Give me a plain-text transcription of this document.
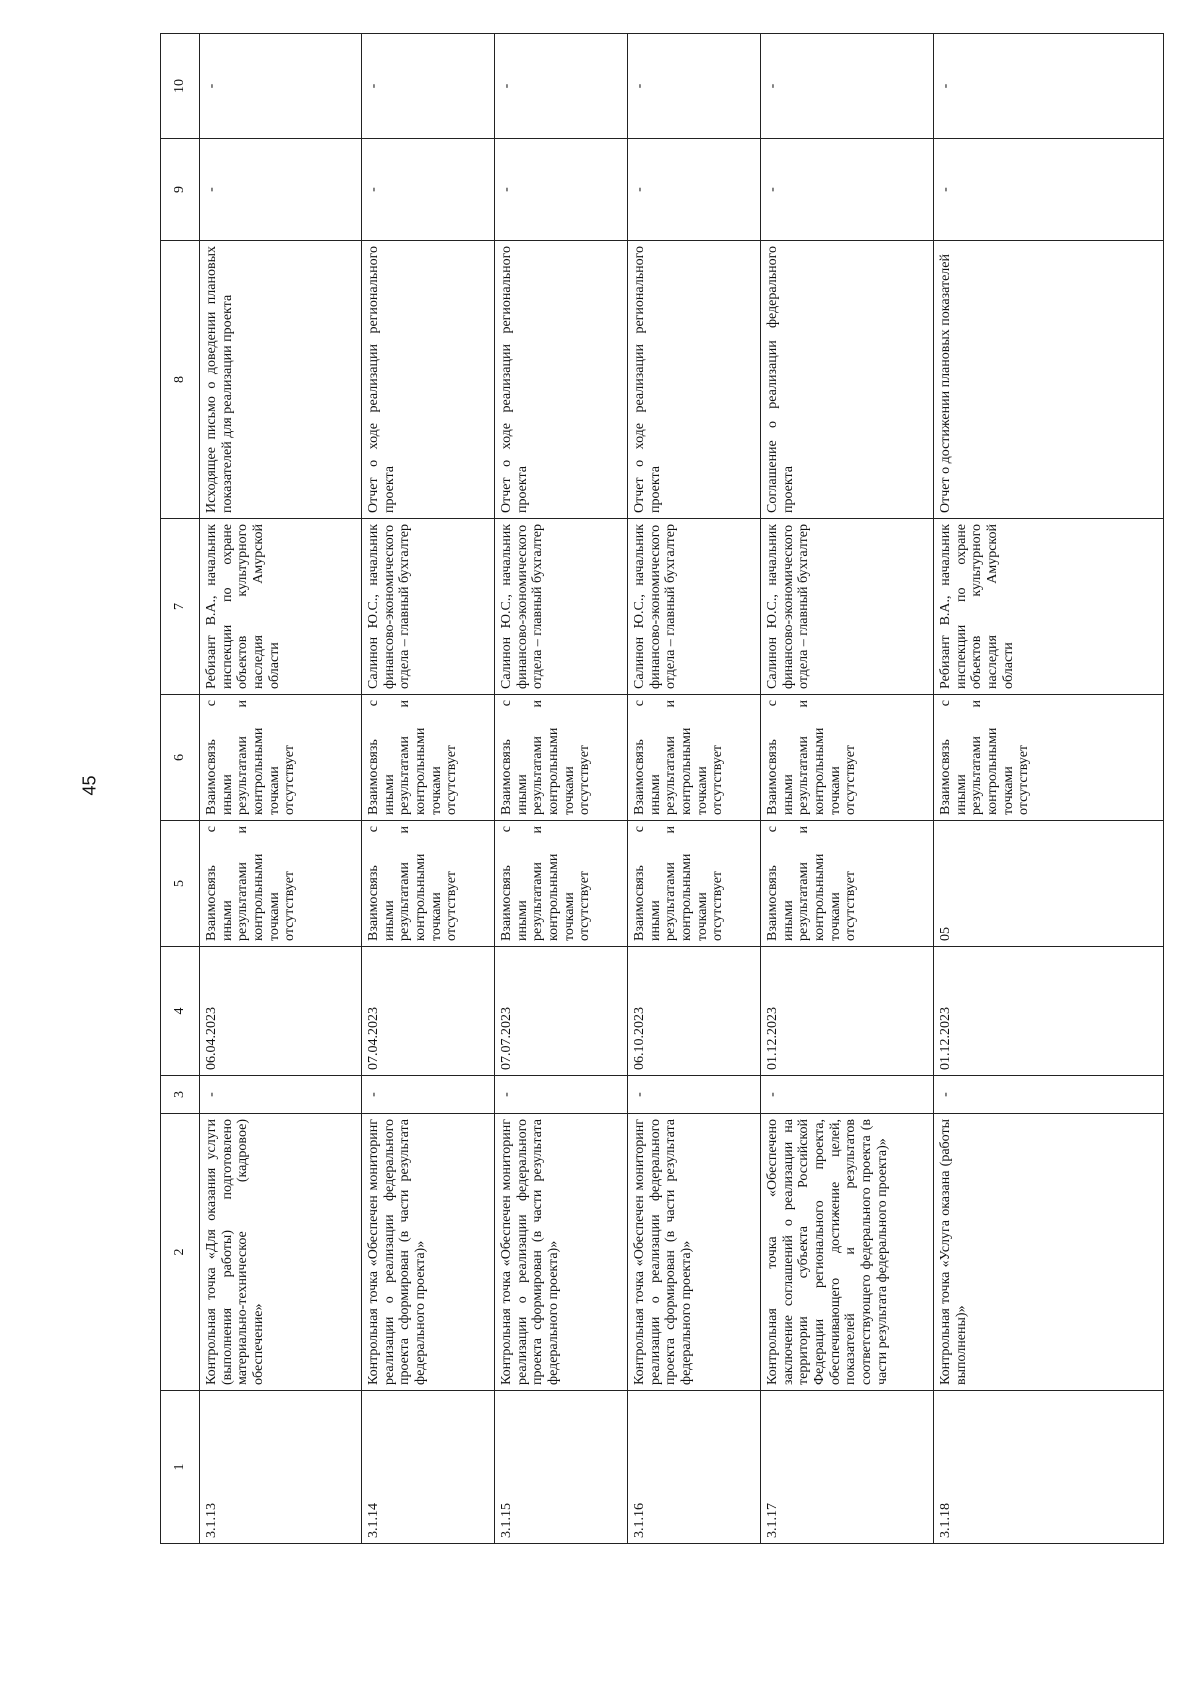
45
1	2	3	4	5	6	7	8	9	10
3.1.13	Контрольная точка «Для оказания услуги (выполнения работы) подготовлено материально-техническое (кадровое) обеспечение»	-	06.04.2023	Взаимосвязь с иными результатами и контрольными точками отсутствует	Взаимосвязь с иными результатами и контрольными точками отсутствует	Ребизант В.А., начальник инспекции по охране объектов культурного наследия Амурской области	Исходящее письмо о доведении плановых показателей для реализации проекта	-	-
3.1.14	Контрольная точка «Обеспечен мониторинг реализации о реализации федерального проекта сформирован (в части результата федерального проекта)»	-	07.04.2023	Взаимосвязь с иными результатами и контрольными точками отсутствует	Взаимосвязь с иными результатами и контрольными точками отсутствует	Салинон Ю.С., начальник финансово-экономического отдела – главный бухгалтер	Отчет о ходе реализации регионального проекта	-	-
3.1.15	Контрольная точка «Обеспечен мониторинг реализации о реализации федерального проекта сформирован (в части результата федерального проекта)»	-	07.07.2023	Взаимосвязь с иными результатами и контрольными точками отсутствует	Взаимосвязь с иными результатами и контрольными точками отсутствует	Салинон Ю.С., начальник финансово-экономического отдела – главный бухгалтер	Отчет о ходе реализации регионального проекта	-	-
3.1.16	Контрольная точка «Обеспечен мониторинг реализации о реализации федерального проекта сформирован (в части результата федерального проекта)»	-	06.10.2023	Взаимосвязь с иными результатами и контрольными точками отсутствует	Взаимосвязь с иными результатами и контрольными точками отсутствует	Салинон Ю.С., начальник финансово-экономического отдела – главный бухгалтер	Отчет о ходе реализации регионального проекта	-	-
3.1.17	Контрольная точка «Обеспечено заключение соглашений о реализации на территории субъекта Российской Федерации регионального проекта, обеспечивающего достижение целей, показателей и результатов соответствующего федерального проекта (в части результата федерального проекта)»	-	01.12.2023	Взаимосвязь с иными результатами и контрольными точками отсутствует	Взаимосвязь с иными результатами и контрольными точками отсутствует	Салинон Ю.С., начальник финансово-экономического отдела – главный бухгалтер	Соглашение о реализации федерального проекта	-	-
3.1.18	Контрольная точка «Услуга оказана (работы выполнены)»	-	01.12.2023	05	Взаимосвязь с иными результатами и контрольными точками отсутствует	Ребизант В.А., начальник инспекции по охране объектов культурного наследия Амурской области	Отчет о достижении плановых показателей	-	-
